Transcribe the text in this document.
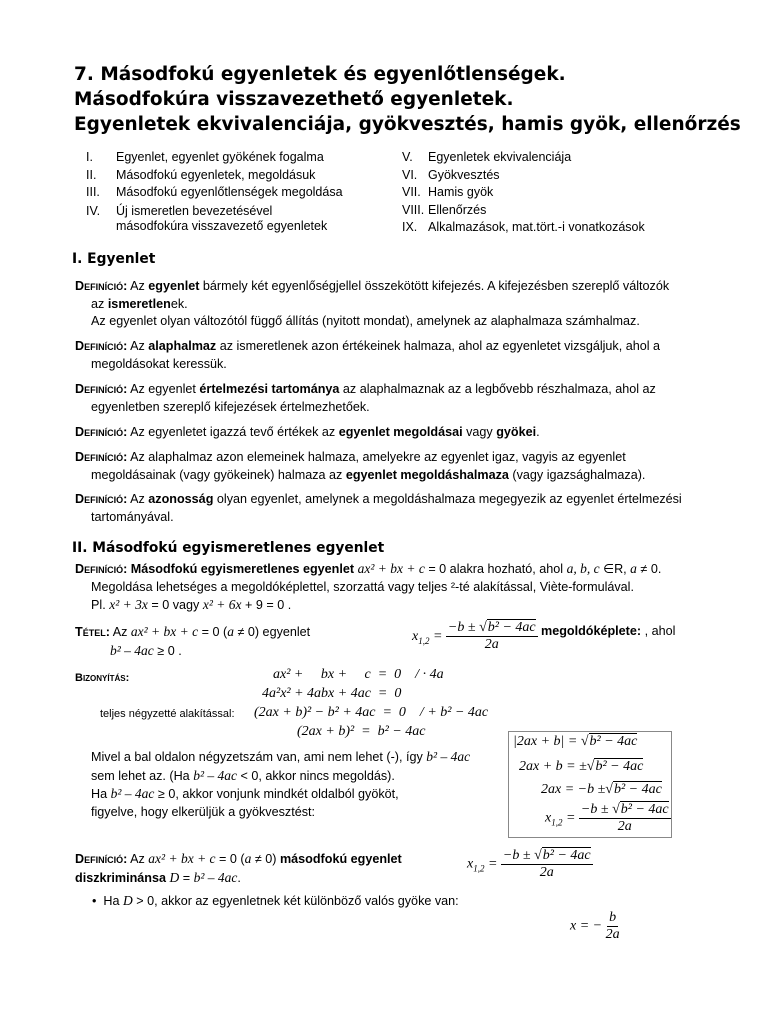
7. Másodfokú egyenletek és egyenlőtlenségek.
Másodfokúra visszavezethető egyenletek.
Egyenletek ekvivalenciája, gyökvesztés, hamis gyök, ellenőrzés
I.	Egyenlet, egyenlet gyökének fogalma
II.	Másodfokú egyenletek, megoldásuk
III.	Másodfokú egyenlőtlenségek megoldása
IV.	Új ismeretlen bevezetésével
másodfokúra visszavezető egyenletek
V.	Egyenletek ekvivalenciája
VI. Gyökvesztés
VII. Hamis gyök
VIII. Ellenőrzés
IX. Alkalmazások, mat.tört.-i vonatkozások
I. Egyenlet
Definíció: Az egyenlet bármely két egyenlőségjellel összekötött kifejezés. A kifejezésben szereplő változók
az ismeretlenek.
Az egyenlet olyan változótól függő állítás (nyitott mondat), amelynek az alaphalmaza számhalmaz.
Definíció: Az alaphalmaz az ismeretlenek azon értékeinek halmaza, ahol az egyenletet vizsgáljuk, ahol a
megoldásokat keressük.
Definíció: Az egyenlet értelmezési tartománya az alaphalmaznak az a legbővebb részhalmaza, ahol az
egyenletben szereplő kifejezések értelmezhetőek.
Definíció: Az egyenletet igazzá tevő értékek az egyenlet megoldásai vagy gyökei.
Definíció: Az alaphalmaz azon elemeinek halmaza, amelyekre az egyenlet igaz, vagyis az egyenlet
megoldásainak (vagy gyökeinek) halmaza az egyenlet megoldáshalmaza (vagy igazsághalmaza).
Definíció: Az azonosság olyan egyenlet, amelynek a megoldáshalmaza megegyezik az egyenlet értelmezési
tartományával.
II. Másodfokú egyismeretlenes egyenlet
Definíció: Másodfokú egyismeretlenes egyenlet ax² + bx + c = 0 alakra hozható, ahol a, b, c ∈R, a ≠ 0.
Megoldása lehetséges a megoldóképlettel, szorzattá vagy teljes ²-té alakítással, Viète-formulával.
Pl. x² + 3x = 0 vagy x² + 6x + 9 = 0 .
Tétel: Az ax² + bx + c = 0 (a ≠ 0) egyenlet
b² – 4ac ≥ 0 .
$x_{1,2} = \frac{\text{−b ± √b² − 4ac}}{2a}$ megoldóképlete: , ahol
Bizonyítás:	ax² +     bx +     c  =  0    / · 4a
4a²x² + 4abx + 4ac  =  0
(2ax + b)² − b² + 4ac  =  0    / + b² − 4ac
(2ax + b)²  =  b² − 4ac
teljes négyzetté alakítással:
Mivel a bal oldalon négyzetszám van, ami nem lehet (-), így b² – 4ac
sem lehet az. (Ha b² – 4ac < 0, akkor nincs megoldás).
Ha b² – 4ac ≥ 0, akkor vonjunk mindkét oldalból gyököt,
figyelve, hogy elkerüljük a gyökvesztést:
|2ax + b| = √b² − 4ac
2ax + b = ±√b² − 4ac
2ax = −b ±√b² − 4ac
$x_{1,2} = \frac{\text{−b ± √b² − 4ac}}{2a}$
Definíció: Az ax² + bx + c = 0 (a ≠ 0) másodfokú egyenlet
diszkriminánsa D = b² – 4ac.
$x_{1,2} = \frac{\text{−b ± √b² − 4ac}}{2a}$
•  Ha D > 0, akkor az egyenletnek két különböző valós gyöke van:
x = − $\frac{b}{2a}$
